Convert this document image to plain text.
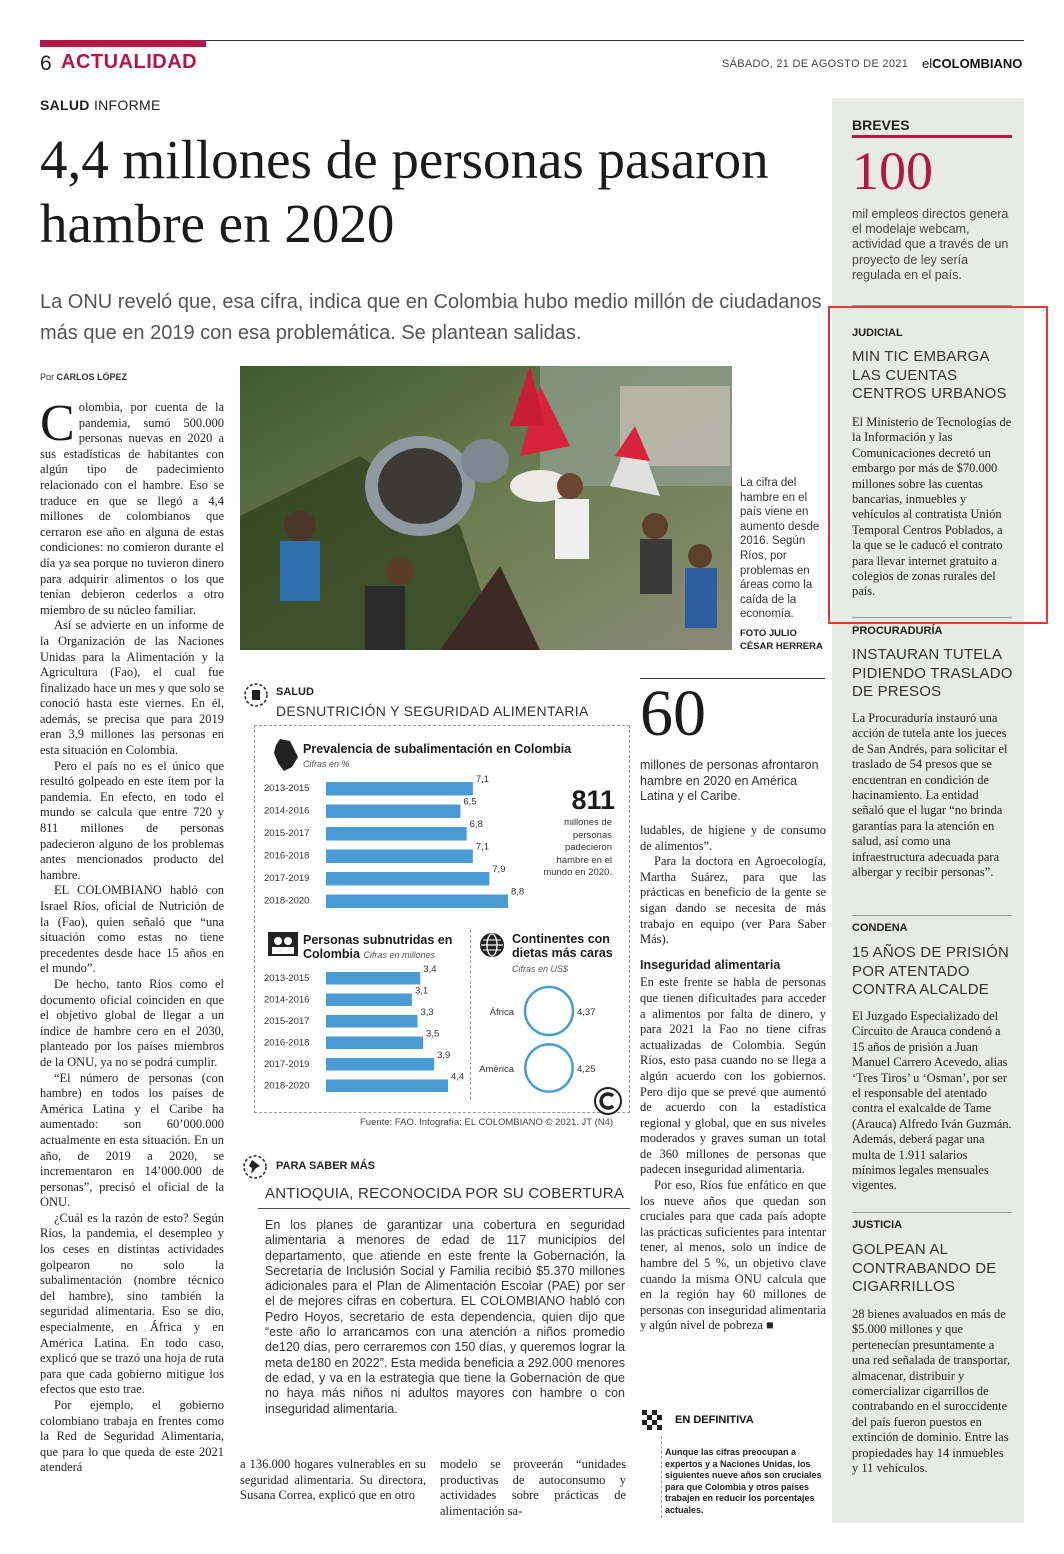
6 ACTUALIDAD	SÁBADO, 21 DE AGOSTO DE 2021 elCOLOMBIANO
SALUD INFORME
4,4 millones de personas pasaron hambre en 2020
La ONU reveló que, esa cifra, indica que en Colombia hubo medio millón de ciudadanos más que en 2019 con esa problemática. Se plantean salidas.
Por CARLOS LÓPEZ

Colombia, por cuenta de la pandemia, sumó 500.000 personas nuevas en 2020 a sus estadísticas de habitantes con algún tipo de padecimiento relacionado con el hambre. Eso se traduce en que se llegó a 4,4 millones de colombianos que cerraron ese año en alguna de estas condiciones: no comieron durante el día ya sea porque no tuvieron dinero para adquirir alimentos o los que tenían debieron cederlos a otro miembro de su núcleo familiar.

Así se advierte en un informe de la Organización de las Naciones Unidas para la Alimentación y la Agricultura (Fao), el cual fue finalizado hace un mes y que solo se conoció hasta este viernes. En él, además, se precisa que para 2019 eran 3,9 millones las personas en esta situación en Colombia.

Pero el país no es el único que resultó golpeado en este ítem por la pandemia. En efecto, en todo el mundo se calcula que entre 720 y 811 millones de personas padecieron alguno de los problemas antes mencionados producto del hambre.

EL COLOMBIANO habló con Israel Ríos, oficial de Nutrición de la (Fao), quien señaló que “una situación como estas no tiene precedentes desde hace 15 años en el mundo”.

De hecho, tanto Ríos como el documento oficial coinciden en que el objetivo global de llegar a un índice de hambre cero en el 2030, planteado por los países miembros de la ONU, ya no se podrá cumplir.

“El número de personas (con hambre) en todos los países de América Latina y el Caribe ha aumentado: son 60’000.000 actualmente en esta situación. En un año, de 2019 a 2020, se incrementaron en 14’000.000 de personas”, precisó el oficial de la ONU.

¿Cuál es la razón de esto? Según Ríos, la pandemia, el desempleo y los ceses en distintas actividades golpearon no solo la subalimentación (nombre técnico del hambre), sino también la seguridad alimentaria. Eso se dio, especialmente, en África y en América Latina. En todo caso, explicó que se trazó una hoja de ruta para que cada gobierno mitigue los efectos que esto trae.

Por ejemplo, el gobierno colombiano trabaja en frentes como la Red de Seguridad Alimentaria, que para lo que queda de este 2021 atenderá

La cifra del hambre en el país viene en aumento desde 2016. Según Ríos, por problemas en áreas como la caída de la economía.
FOTO JULIO CÉSAR HERRERA
SALUD
DESNUTRICIÓN Y SEGURIDAD ALIMENTARIA
Prevalencia de subalimentación en Colombia
Cifras en %
2013-2015
7,1
2014-2016
6,5
2015-2017
6,8
2016-2018
7,1
2017-2019
7,9
2018-2020
8,8
811
millones de personas padecieron hambre en el mundo en 2020.
Personas subnutridas en Colombia Cifras en millones
2013-2015
3,4
2014-2016
3,1
2015-2017
3,3
2016-2018
3,5
2017-2019
3,9
2018-2020
4,4
Continentes con dietas más caras
Cifras en US$
África	4,37
América	4,25
Fuente: FAO. Infografía: EL COLOMBIANO © 2021. JT (N4)
60
millones de personas afrontaron hambre en 2020 en América Latina y el Caribe.

ludables, de higiene y de consumo de alimentos”.

Para la doctora en Agroecología, Martha Suárez, para que las prácticas en beneficio de la gente se sigan dando se necesita de más trabajo en equipo (ver Para Saber Más).

Inseguridad alimentaria

En este frente se habla de personas que tienen dificultades para acceder a alimentos por falta de dinero, y para 2021 la Fao no tiene cifras actualizadas de Colombia. Según Ríos, esto pasa cuando no se llega a algún acuerdo con los gobiernos. Pero dijo que se prevé que aumentó de acuerdo con la estadística regional y global, que en sus niveles moderados y graves suman un total de 360 millones de personas que padecen inseguridad alimentaria.

Por eso, Ríos fue enfático en que los nueve años que quedan son cruciales para que cada país adopte las prácticas suficientes para intentar tener, al menos, solo un índice de hambre del 5 %, un objetivo clave cuando la misma ONU calcula que en la región hay 60 millones de personas con inseguridad alimentaria y algún nivel de pobreza ■

PARA SABER MÁS
ANTIOQUIA, RECONOCIDA POR SU COBERTURA
En los planes de garantizar una cobertura en seguridad alimentaria a menores de edad de 117 municipios del departamento, que atiende en este frente la Gobernación, la Secretaría de Inclusión Social y Familia recibió $5.370 millones adicionales para el Plan de Alimentación Escolar (PAE) por ser el de mejores cifras en cobertura. EL COLOMBIANO habló con Pedro Hoyos, secretario de esta dependencia, quien dijo que “este año lo arrancamos con una atención a niños promedio de120 días, pero cerraremos con 150 días, y queremos lograr la meta de180 en 2022”. Esta medida beneficia a 292.000 menores de edad, y va en la estrategia que tiene la Gobernación de que no haya más niños ni adultos mayores con hambre o con inseguridad alimentaria.

a 136.000 hogares vulnerables en su seguridad alimentaria. Su directora, Susana Correa, explicó que en otro

modelo se proveerán “unidades productivas de autoconsumo y actividades sobre prácticas de alimentación sa-

EN DEFINITIVA
Aunque las cifras preocupan a expertos y a Naciones Unidas, los siguientes nueve años son cruciales para que Colombia y otros países trabajen en reducir los porcentajes actuales.
BREVES
100
mil empleos directos genera el modelaje webcam, actividad que a través de un proyecto de ley sería regulada en el país.
JUDICIAL
MIN TIC EMBARGA LAS CUENTAS CENTROS URBANOS
El Ministerio de Tecnologías de la Información y las Comunicaciones decretó un embargo por más de $70.000 millones sobre las cuentas bancarias, inmuebles y vehículos al contratista Unión Temporal Centros Poblados, a la que se le caducó el contrato para llevar internet gratuito a colegios de zonas rurales del país.
PROCURADURÍA
INSTAURAN TUTELA PIDIENDO TRASLADO DE PRESOS
La Procuraduría instauró una acción de tutela ante los jueces de San Andrés, para solicitar el traslado de 54 presos que se encuentran en condición de hacinamiento. La entidad señaló que el lugar “no brinda garantías para la atención en salud, así como una infraestructura adecuada para albergar y recibir personas”.
CONDENA
15 AÑOS DE PRISIÓN POR ATENTADO CONTRA ALCALDE
El Juzgado Especializado del Circuito de Arauca condenó a 15 años de prisión a Juan Manuel Carrero Acevedo, alias ‘Tres Tiros’ u ‘Osman’, por ser el responsable del atentado contra el exalcalde de Tame (Arauca) Alfredo Iván Guzmán. Además, deberá pagar una multa de 1.911 salarios mínimos legales mensuales vigentes.
JUSTICIA
GOLPEAN AL CONTRABANDO DE CIGARRILLOS
28 bienes avaluados en más de $5.000 millones y que pertenecían presuntamente a una red señalada de transportar, almacenar, distribuir y comercializar cigarrillos de contrabando en el suroccidente del país fueron puestos en extinción de dominio. Entre las propiedades hay 14 inmuebles y 11 vehículos.
